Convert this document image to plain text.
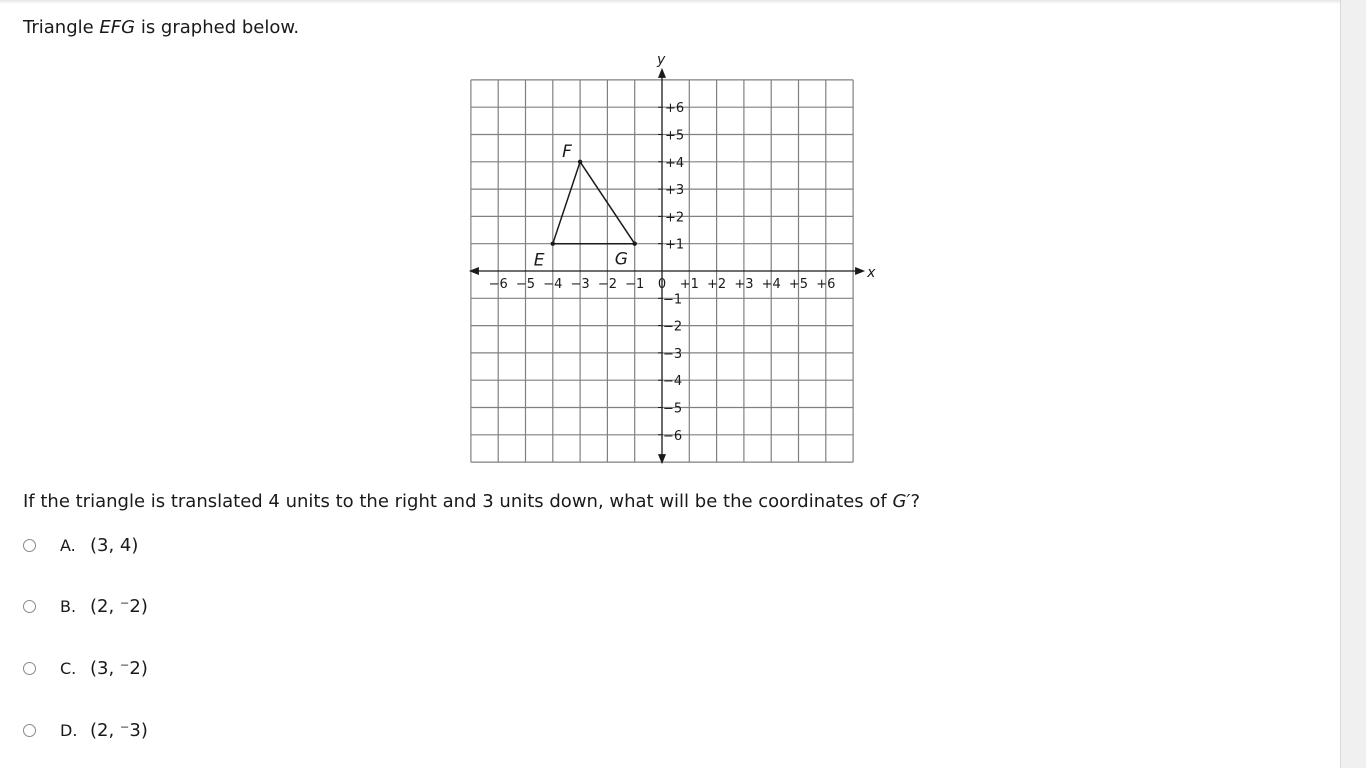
Triangle EFG is graphed below.
x
y
−6 −5 −4 −3 −2 −1 0 +1 +2 +3 +4 +5 +6
+6
+5
+4
+3
+2
+1
−1
−2
−3
−4
−5
−6
E
F
G
If the triangle is translated 4 units to the right and 3 units down, what will be the coordinates of G′?
A. (3, 4)
B. (2, ⁻2)
C. (3, ⁻2)
D. (2, ⁻3)
